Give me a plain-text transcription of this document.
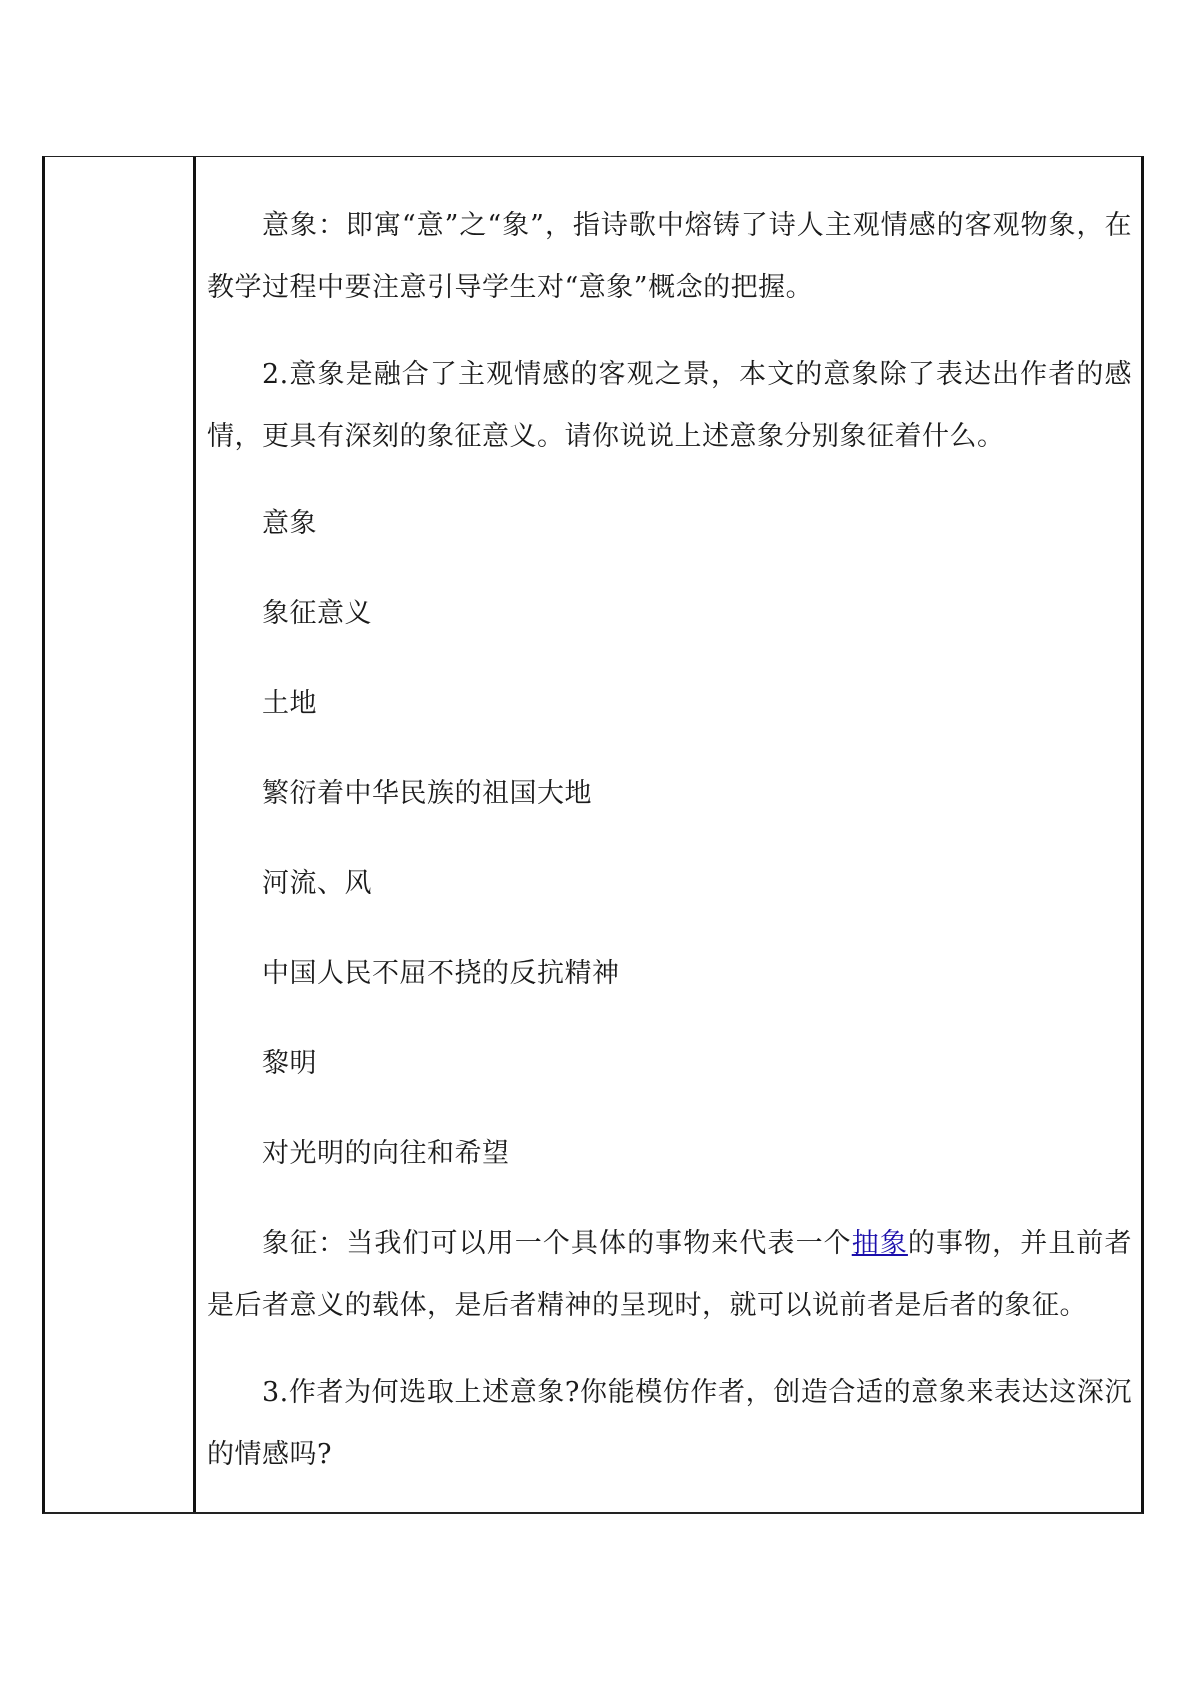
意象：即寓“意”之“象”，指诗歌中熔铸了诗人主观情感的客观物象，在教学过程中要注意引导学生对“意象”概念的把握。

2.意象是融合了主观情感的客观之景，本文的意象除了表达出作者的感情，更具有深刻的象征意义。请你说说上述意象分别象征着什么。

意象

象征意义

土地

繁衍着中华民族的祖国大地

河流、风

中国人民不屈不挠的反抗精神

黎明

对光明的向往和希望

象征：当我们可以用一个具体的事物来代表一个抽象的事物，并且前者是后者意义的载体，是后者精神的呈现时，就可以说前者是后者的象征。

3.作者为何选取上述意象?你能模仿作者，创造合适的意象来表达这深沉的情感吗?
